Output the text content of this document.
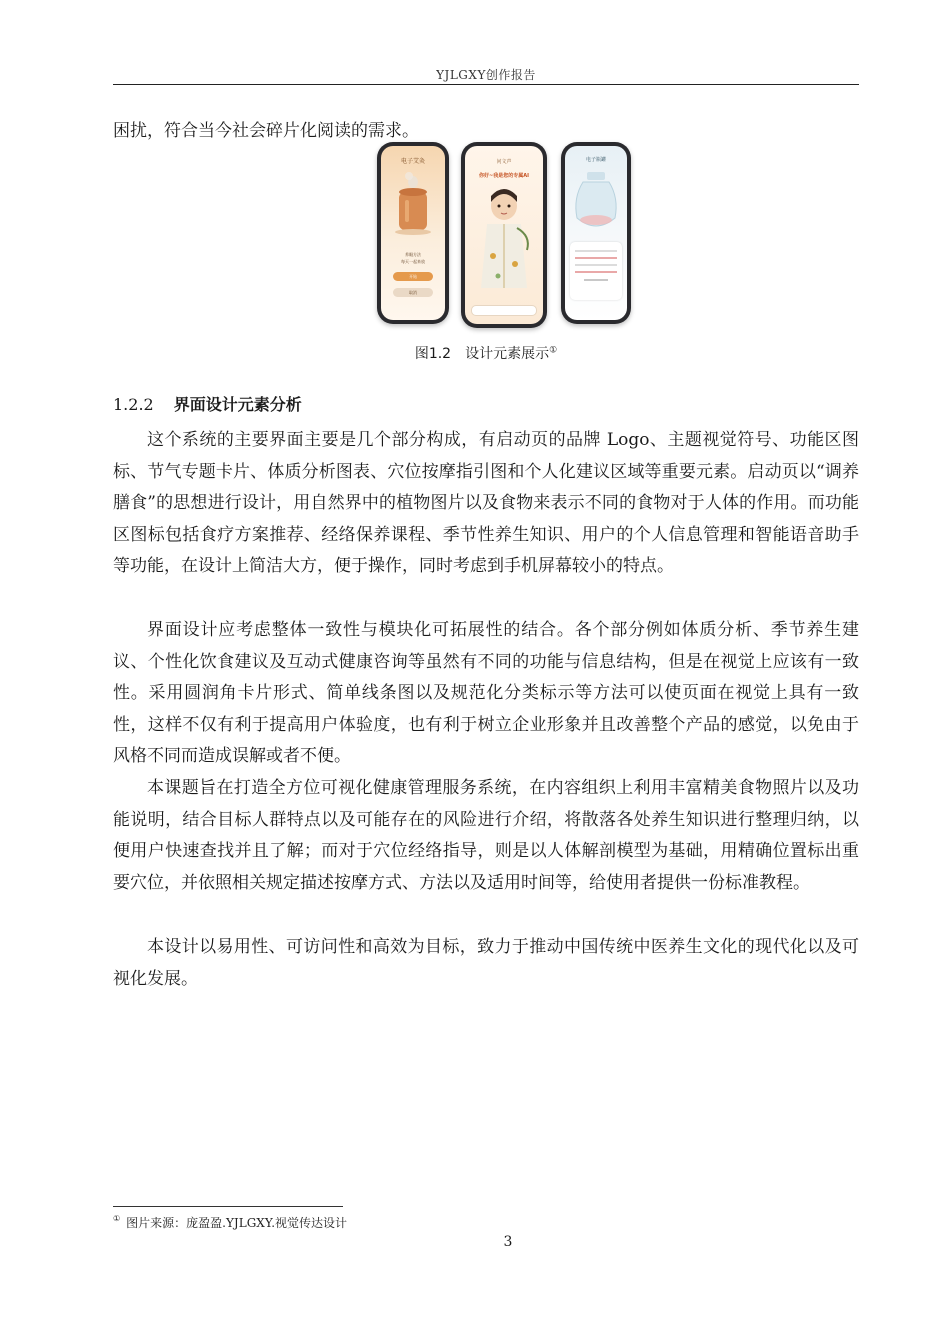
YJLGXY创作报告

困扰，符合当今社会碎片化阅读的需求。

电子艾灸
养眼方法
每天一起来放
开始
取消
问文声
你好~我是您的专属AI
电子瓶罐
图1.2　设计元素展示①
1.2.2 界面设计元素分析

这个系统的主要界面主要是几个部分构成，有启动页的品牌 Logo、主题视觉符号、功能区图标、节气专题卡片、体质分析图表、穴位按摩指引图和个人化建议区域等重要元素。启动页以“调养膳食”的思想进行设计，用自然界中的植物图片以及食物来表示不同的食物对于人体的作用。而功能区图标包括食疗方案推荐、经络保养课程、季节性养生知识、用户的个人信息管理和智能语音助手等功能，在设计上简洁大方，便于操作，同时考虑到手机屏幕较小的特点。

界面设计应考虑整体一致性与模块化可拓展性的结合。各个部分例如体质分析、季节养生建议、个性化饮食建议及互动式健康咨询等虽然有不同的功能与信息结构，但是在视觉上应该有一致性。采用圆润角卡片形式、简单线条图以及规范化分类标示等方法可以使页面在视觉上具有一致性，这样不仅有利于提高用户体验度，也有利于树立企业形象并且改善整个产品的感觉，以免由于风格不同而造成误解或者不便。

本课题旨在打造全方位可视化健康管理服务系统，在内容组织上利用丰富精美食物照片以及功能说明，结合目标人群特点以及可能存在的风险进行介绍，将散落各处养生知识进行整理归纳，以便用户快速查找并且了解；而对于穴位经络指导，则是以人体解剖模型为基础，用精确位置标出重要穴位，并依照相关规定描述按摩方式、方法以及适用时间等，给使用者提供一份标准教程。

本设计以易用性、可访问性和高效为目标，致力于推动中国传统中医养生文化的现代化以及可视化发展。

① 图片来源：庞盈盈.YJLGXY.视觉传达设计
3
